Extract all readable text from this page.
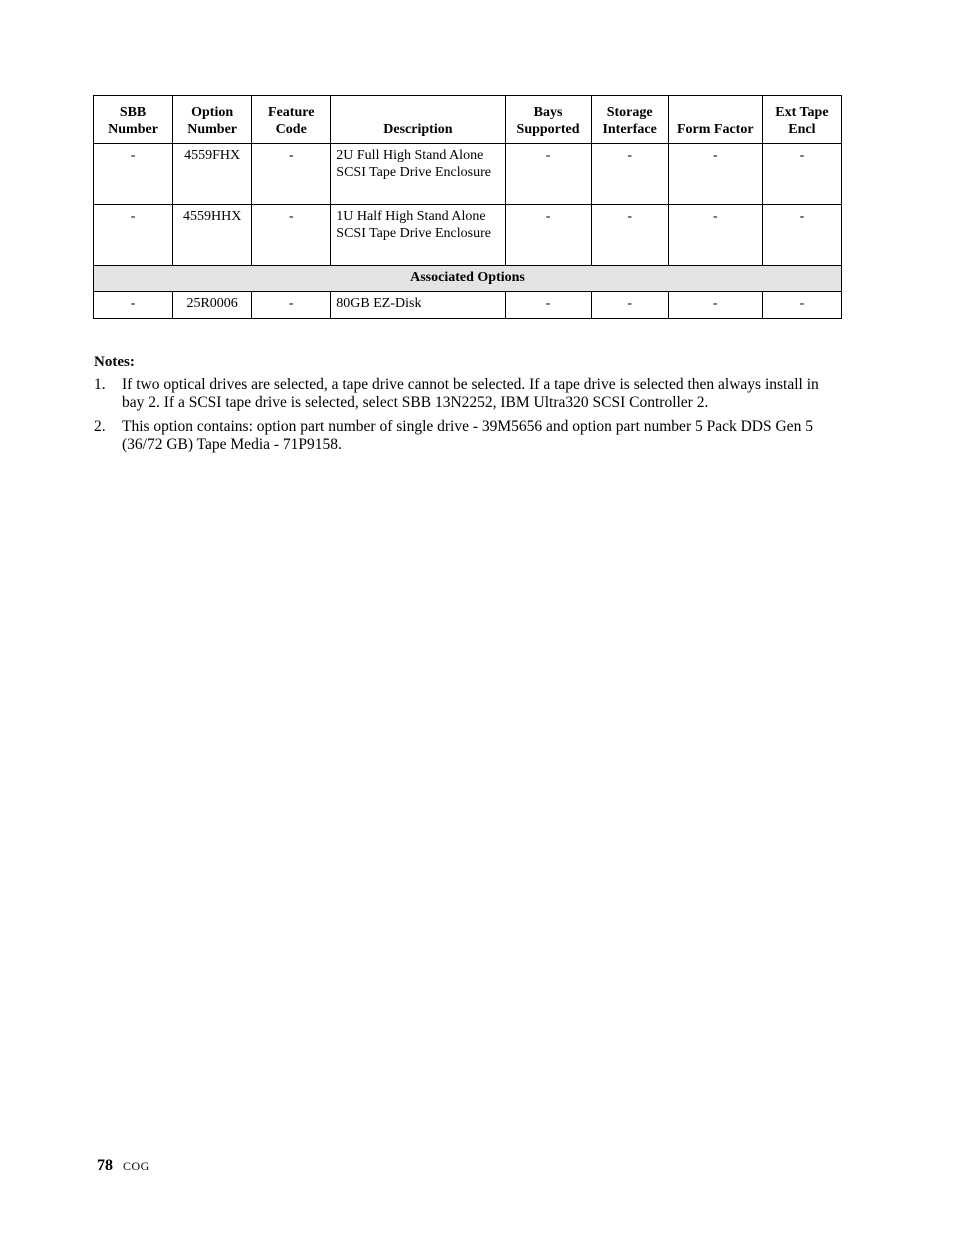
SBB Number	Option Number	Feature Code	Description	Bays Supported	Storage Interface	Form Factor	Ext Tape Encl
-	4559FHX	-	2U Full High Stand Alone SCSI Tape Drive Enclosure	-	-	-	-
-	4559HHX	-	1U Half High Stand Alone SCSI Tape Drive Enclosure	-	-	-	-
Associated Options							
-	25R0006	-	80GB EZ-Disk	-	-	-	-

Notes:

1. If two optical drives are selected, a tape drive cannot be selected. If a tape drive is selected then always install in bay 2. If a SCSI tape drive is selected, select SBB 13N2252, IBM Ultra320 SCSI Controller 2.
2. This option contains: option part number of single drive - 39M5656 and option part number 5 Pack DDS Gen 5 (36/72 GB) Tape Media - 71P9158.
78 COG
